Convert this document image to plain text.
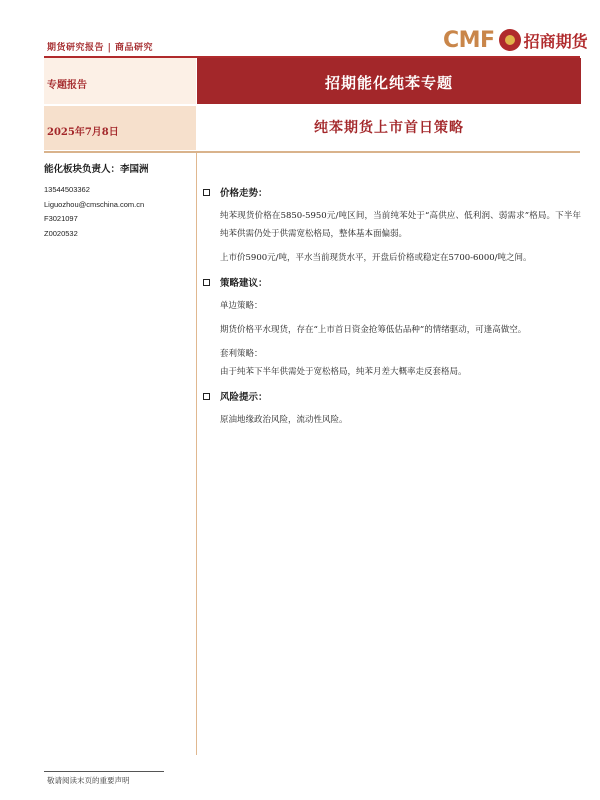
期货研究报告 | 商品研究	CMF 招商期货
专题报告	招期能化纯苯专题
2025年7月8日	纯苯期货上市首日策略
能化板块负责人：李国洲
13544503362
Liguozhou@cmschina.com.cn
F3021097
Z0020532
价格走势：

纯苯现货价格在5850-5950元/吨区间，当前纯苯处于“高供应、低利润、弱需求”格局。下半年纯苯供需仍处于供需宽松格局，整体基本面偏弱。

上市价5900元/吨，平水当前现货水平，开盘后价格或稳定在5700-6000/吨之间。

策略建议：

单边策略：

期货价格平水现货，存在“上市首日资金抢筹低估品种”的情绪驱动，可逢高做空。

套利策略：

由于纯苯下半年供需处于宽松格局，纯苯月差大概率走反套格局。

风险提示：

原油地缘政治风险，流动性风险。

敬请阅读末页的重要声明
